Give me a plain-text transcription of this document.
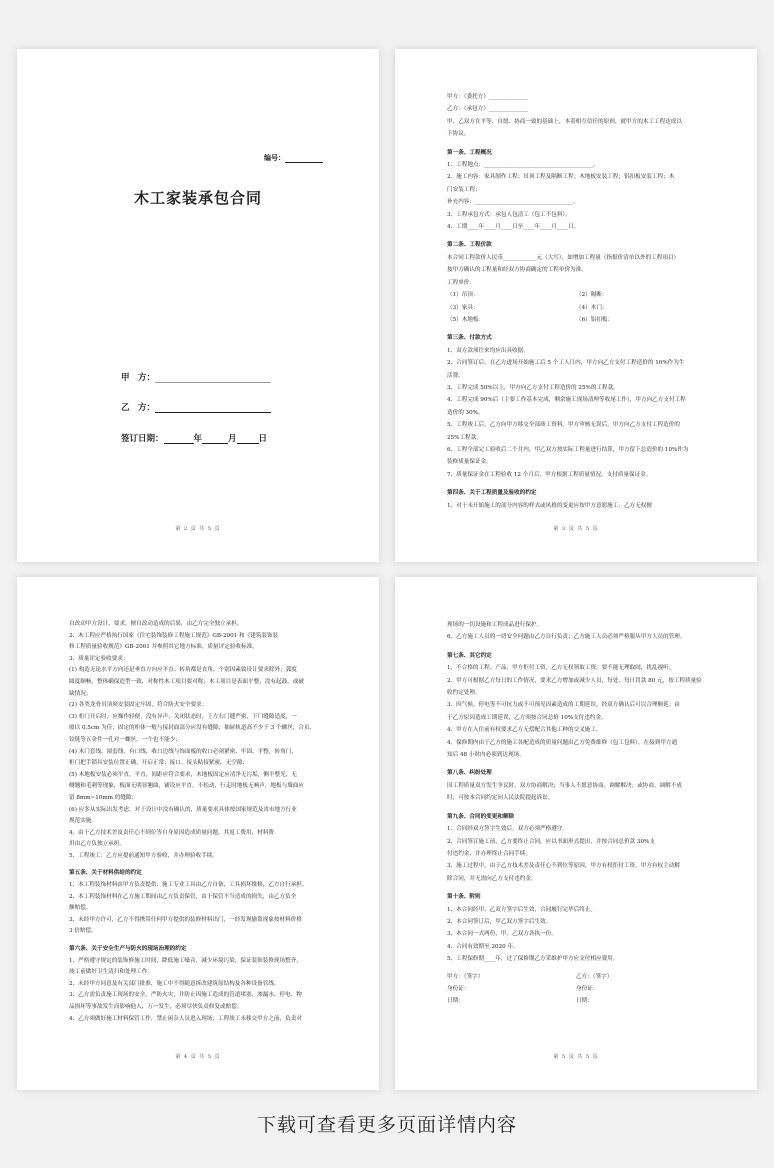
编号：
木工家装承包合同
甲　方：
乙　方：
签订日期：	年	月	日
第 2 页 共 5 页

甲方：（委托方）______________

乙方：（承包方）______________

甲、乙双方在平等、自愿、协商一致的基础上，本着相互信任的原则，就甲方的木工工程达成以

下协议。

第一条、工程概况

1、工程地点：_______________________________________。

2、施工内容：家具制作工程；吊顶工程及隔断工程；木地板安装工程；铝扣板安装工程；木

门安装工程；

补充内容：___________________________________。

3、工程承包方式：承包人包清工（包工不包料）。

4、工期____年____月____日至____年____月____日。

第二条、工程价款

本合同工程款价人民币____________元（大写），如增加工程量（指报价清单以外的工程项目）

按甲方确认的工程量和经双方协商确定的工程单价为准。

工程单价：

（1）吊顶：	（2）隔断：
（3）家具：	（4）木门：
（5）木地板：	（6）铝扣板：

第三条、付款方式

1、双方款项往来均应出具收据。

2、合同签订后，在乙方进场开始施工后 5 个工人日内，甲方向乙方支付工程造价的 10%作为生

活费。

3、工程完成 50%以上，甲方向乙方支付工程造价的 25%的工程款。

4、工程完成 90%后（主要工作基本完成，剩余施工现场清理等收尾工作），甲方向乙方支付工程

造价的 30%。

5、工程竣工后，乙方向甲方移交全部竣工资料，甲方审核无误后，甲方向乙方支付工程造价的

25%工程款。

6、工程全部完工验收后二个月内，甲乙双方按实际工程量进行结算，甲方留下总造价的 10%作为

装修质量保证金。

7、质量保证金在工程验收 12 个月后，甲方根据工程质量情况，支付质量保证金。

第四条、关于工程质量及验收的约定

1、对于未开始施工的部分内容的样式或风格的变更应按甲方意愿施工；乙方无权擅

第 3 页 共 5 页

自改动甲方设计、要求，擅自改动造成的后果，由乙方完全独立承担。

2、木工程应严格执行国家《住宅装饰装修工程施工规范》GB-2001 和《建筑装饰装

修工程质量验收规范》GB-2001 并参照其它地方标准，质量评定验收标准。

3、质量评定验收要求：

(1) 构造无论水平方向还是垂直方向应平直；转角都是直角，个别因素致设计要求除外；弧度

圆度顺畅，整体确保造型一致，对称性木工项目要对称；木工项目是表面平整，没有起鼓、或破

缺情况；

(2) 各类龙骨吊顶须安装固定牢固，符合防火安全要求；

(3) 柜门开启时，应操作轻便，没有异声，关闭状态时，上左右门缝严密，下门缝隙适度，一

般以 0.5cm 为佳；固定的柜体一般与接封面部分应没有缝隙；抽屉轨道高不少于 3 个螺丝，合页、

铰链等五金件一孔对一螺丝，一个也不能少；

(4) 木门套线、窗套线，有口线，收口边线与饰面板的收口必须紧密、牢固、平整，转角门，

柜门把手锁具安装位置正确，开启正常；接口、接头粘接紧密，无空隙；

(5) 木地板安装必须平直，平直，间距应符合要求，木地板固定应清净无污垢，侧平整光，无

侧翘和毛刺等现象，板面无明显翘曲，铺设应平直，不松动，行走时地板无响声，地板与墙面应

留 8mm~10mm 的缝隙；

(6) 应多从实际出发考虑，对于设计中没有确认的，质量要求具体按国家规范及省市地方行业

规范实施。

4、由于乙方技术差及责任心不到位等自身原因造成质量问题，其返工费用、材料费

用由乙方负独立承担。

5、工程竣工：乙方应提前通知甲方验收，并办理验收手续。

第五条、关于材料供给的约定

1、本工程装饰材料由甲方负责提供；施工专业工具由乙方自备，工具损坏维修，乙方自行承担。

2、本工程装饰材料在乙方施工期间由乙方负责保管，由于保管不当造成的损失，由乙方负全

额赔偿。

3、未经甲方许可，乙方不得携带任何甲方提供的装修材料出门，一经发现偷盗现象按材料价格

3 倍赔偿。

第六条、关于安全生产与防火的现场治理的约定

1、严格遵守规定的装饰修施工时间，降低施工噪音，减少环境污染，保证装饰装修现场整齐，

竣工前做好卫生清扫和处理工作。

2、未经甲方同意及有关部门批准，施工中不得随意拆改建筑原结构及各种设备管线。

3、乙方需负责施工现场的安全，严防火灾，并防止因施工造成的管道堵塞、渗漏水、停电、物

品损坏等事故发生而影响他人，万一发生，必须尽快负责修复或赔偿。

4、乙方须做好施工材料保管工作，禁止闲杂人员进入现场；工程竣工未移交甲方之前，负责对

第 4 页 共 5 页

现场的一切设施和工程成品进行保护。

6、乙方施工人员的一切安全问题由乙方自行负责；乙方施工人员必须严格服从甲方人员的管理。

第七条、其它约定

1、不合格的工程、产品，甲方拒付工资，乙方无权领取工资，要不能无理取闹，扰乱视听。

2、甲方可根据乙方每日的工作情况，要求乙方增加或减少人员，每处、每日罚款 80 元，按工程质量验收约定处理。

3、因气候、停电等不可抗力或不可预见因素造成的工期延误，经双方确认后可以合理顺延；由

于乙方原因造成工期延误，乙方须按合同总价 10%支付违约金。

4、甲方在入住前有权要求乙方无偿配合其他工种的交叉施工。

4、保修期内由于乙方的施工各配造成的质量问题由乙方免费维修（包工包料），在接到甲方通

知后 48 小时内必须到达现场。

第八条、纠纷处理

因工程质量双方发生争议时，双方协商解决；当事人不愿意协商、调解解决；或协商、调解不成

时，可按本合同约定向人民法院提起诉讼。

第九条、合同的变更和解除

1、合同经双方签字生效后，双方必须严格遵守。

2、合同签订施工前，乙方要终止合同，应以书面形式提出，并按合同总价款 30%支

付违约金，并办理终止合同手续。

3、施工过程中，由于乙方技术差及责任心不到位等原因，甲方有权拒付工资，甲方有权主动解

除合同，并无需向乙方支付违约金。

第十条、附则

1、本合同经甲、乙双方签字后生效，合同履行完毕后终止。

2、本合同签订后，甲乙双方签字后生效。

3、本合同一式两份，甲、乙双方各执一份。

4、合同有效期至 2020 年。

5、工程保修期____年，过了保修期乙方采维护甲方应支付相应费用。

甲方：（签字）	乙方：（签字）
身份证：	身份证：
日期：	日期：
第 5 页 共 5 页
下载可查看更多页面详情内容
